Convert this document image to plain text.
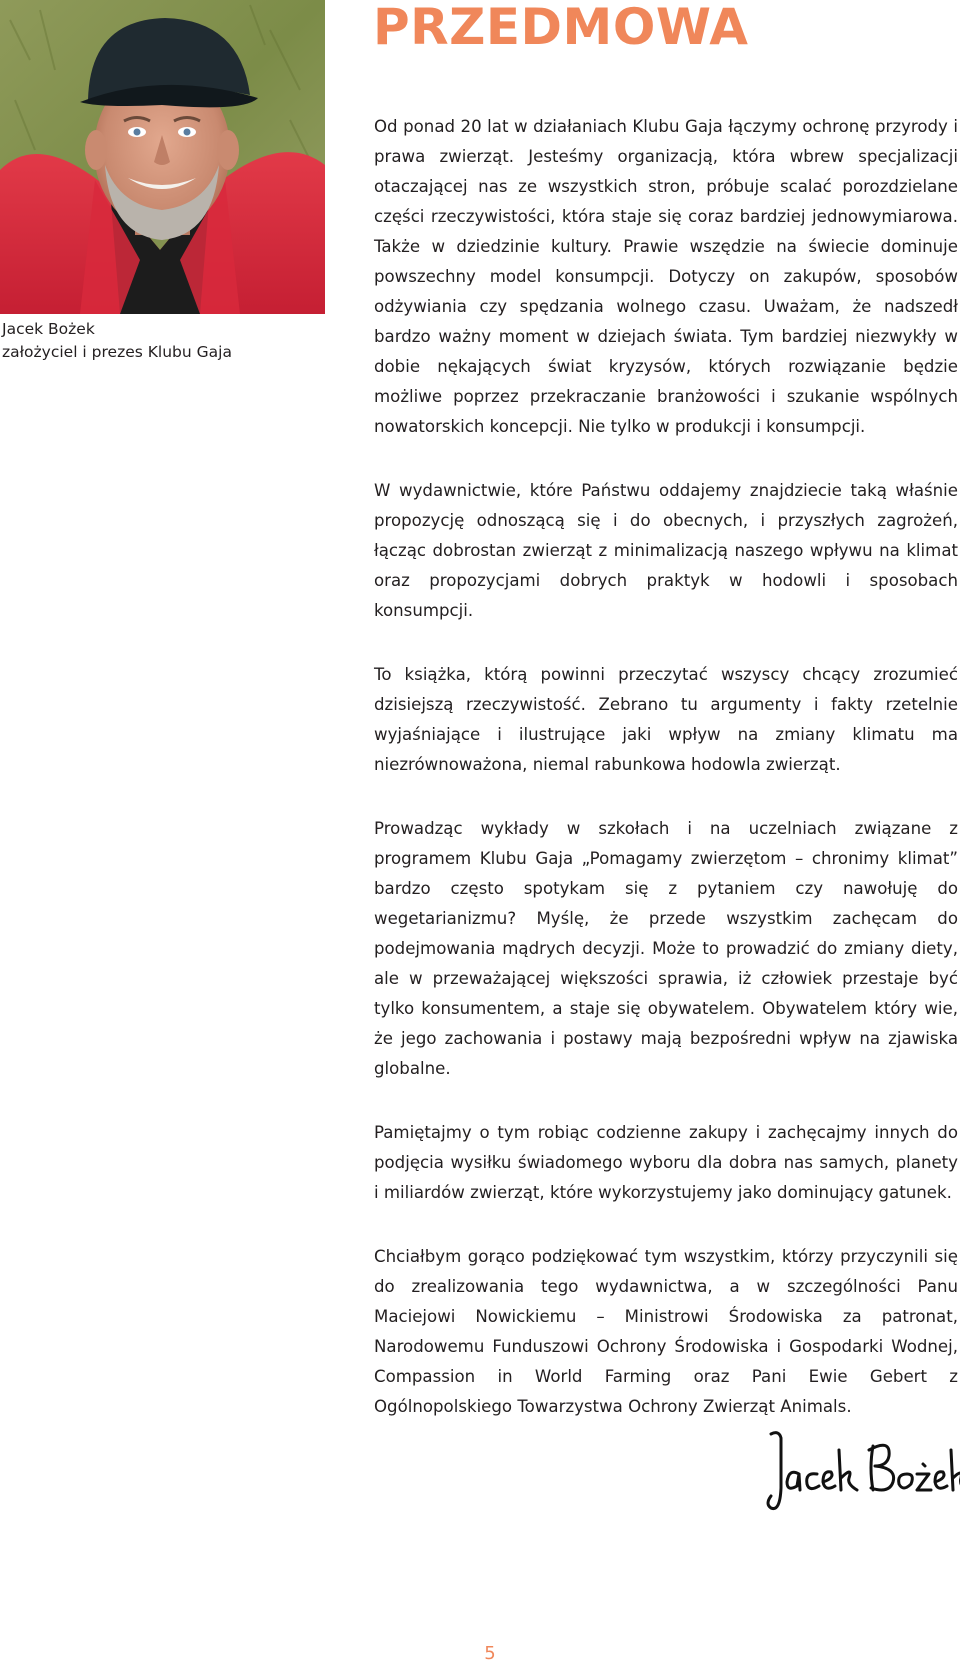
Jacek Bożek
założyciel i prezes Klubu Gaja
PRZEDMOWA

Od ponad 20 lat w działaniach Klubu Gaja łączymy ochronę przyrody i prawa zwierząt. Jesteśmy organizacją, która wbrew specjalizacji otaczającej nas ze wszystkich stron, próbuje scalać porozdzielane części rzeczywistości, która staje się coraz bardziej jednowymiarowa. Także w dziedzinie kultury. Prawie wszędzie na świecie dominuje powszechny model konsumpcji. Dotyczy on zakupów, sposobów odżywiania czy spędzania wolnego czasu. Uważam, że nadszedł bardzo ważny moment w dziejach świata. Tym bardziej niezwykły w dobie nękających świat kryzysów, których rozwiązanie będzie możliwe poprzez przekraczanie branżowości i szukanie wspólnych nowatorskich koncepcji. Nie tylko w produkcji i konsumpcji.

W wydawnictwie, które Państwu oddajemy znajdziecie taką właśnie propozycję odnoszącą się i do obecnych, i przyszłych zagrożeń, łącząc dobrostan zwierząt z minimalizacją naszego wpływu na klimat oraz propozycjami dobrych praktyk w hodowli i sposobach konsumpcji.

To książka, którą powinni przeczytać wszyscy chcący zrozumieć dzisiejszą rzeczywistość. Zebrano tu argumenty i fakty rzetelnie wyjaśniające i ilustrujące jaki wpływ na zmiany klimatu ma niezrównoważona, niemal rabunkowa hodowla zwierząt.

Prowadząc wykłady w szkołach i na uczelniach związane z programem Klubu Gaja „Pomagamy zwierzętom – chronimy klimat” bardzo często spotykam się z pytaniem czy nawołuję do wegetarianizmu? Myślę, że przede wszystkim zachęcam do podejmowania mądrych decyzji. Może to prowadzić do zmiany diety, ale w przeważającej większości sprawia, iż człowiek przestaje być tylko konsumentem, a staje się obywatelem. Obywatelem który wie, że jego zachowania i postawy mają bezpośredni wpływ na zjawiska globalne.

Pamiętajmy o tym robiąc codzienne zakupy i zachęcajmy innych do podjęcia wysiłku świadomego wyboru dla dobra nas samych, planety i miliardów zwierząt, które wykorzystujemy jako dominujący gatunek.

Chciałbym gorąco podziękować tym wszystkim, którzy przyczynili się do zrealizowania tego wydawnictwa, a w szczególności Panu Maciejowi Nowickiemu – Ministrowi Środowiska za patronat, Narodowemu Funduszowi Ochrony Środowiska i Gospodarki Wodnej, Compassion in World Farming oraz Pani Ewie Gebert z Ogólnopolskiego Towarzystwa Ochrony Zwierząt Animals.

5
